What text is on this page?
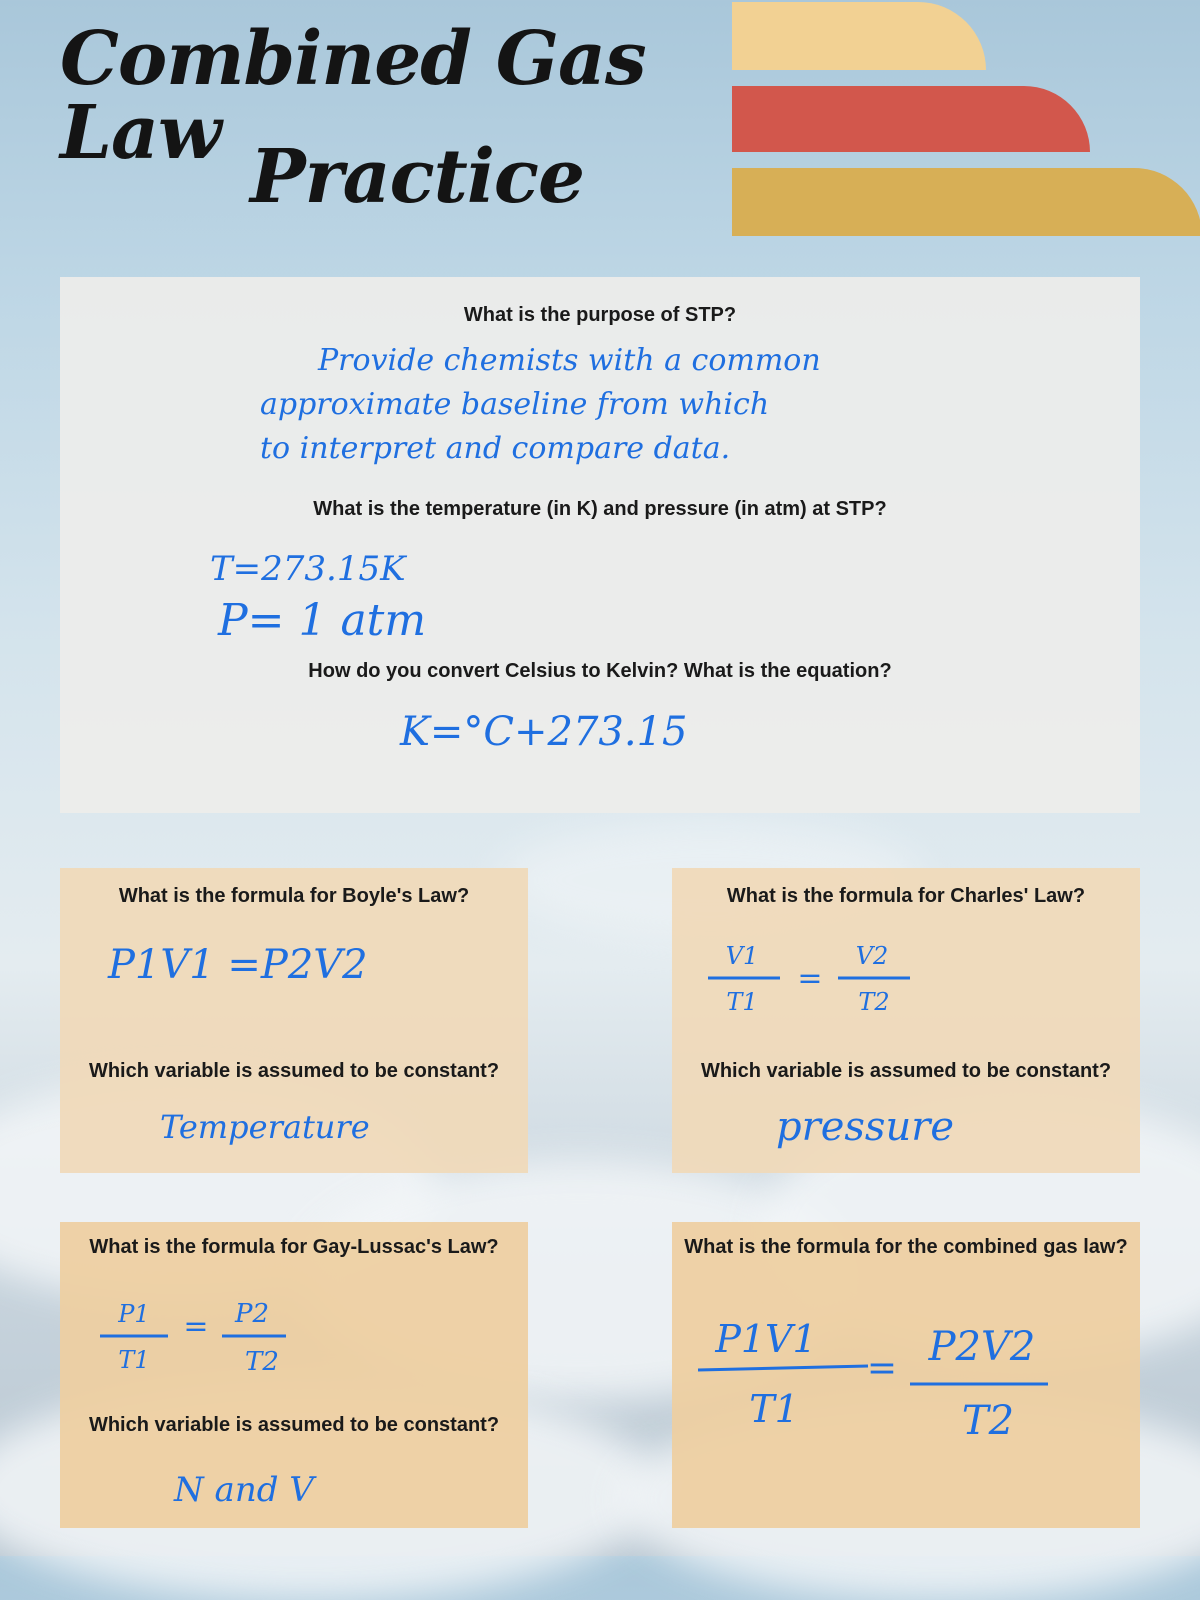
Combined Gas Law
Practice

What is the purpose of STP?

Provide chemists with a common

approximate baseline from which

to interpret and compare data.

What is the temperature (in K) and pressure (in atm) at STP?

T=273.15K

P= 1 atm

How do you convert Celsius to Kelvin? What is the equation?

K=°C+273.15

What is the formula for Boyle's Law?

P1V1 =P2V2

Which variable is assumed to be constant?

Temperature

What is the formula for Charles' Law?

V1
T1
=
V2
T2

Which variable is assumed to be constant?

pressure

What is the formula for Gay-Lussac's Law?

P1
T1
= P2
T2

Which variable is assumed to be constant?

N and V

What is the formula for the combined gas law?

P1V1
T1
= P2V2
T2
